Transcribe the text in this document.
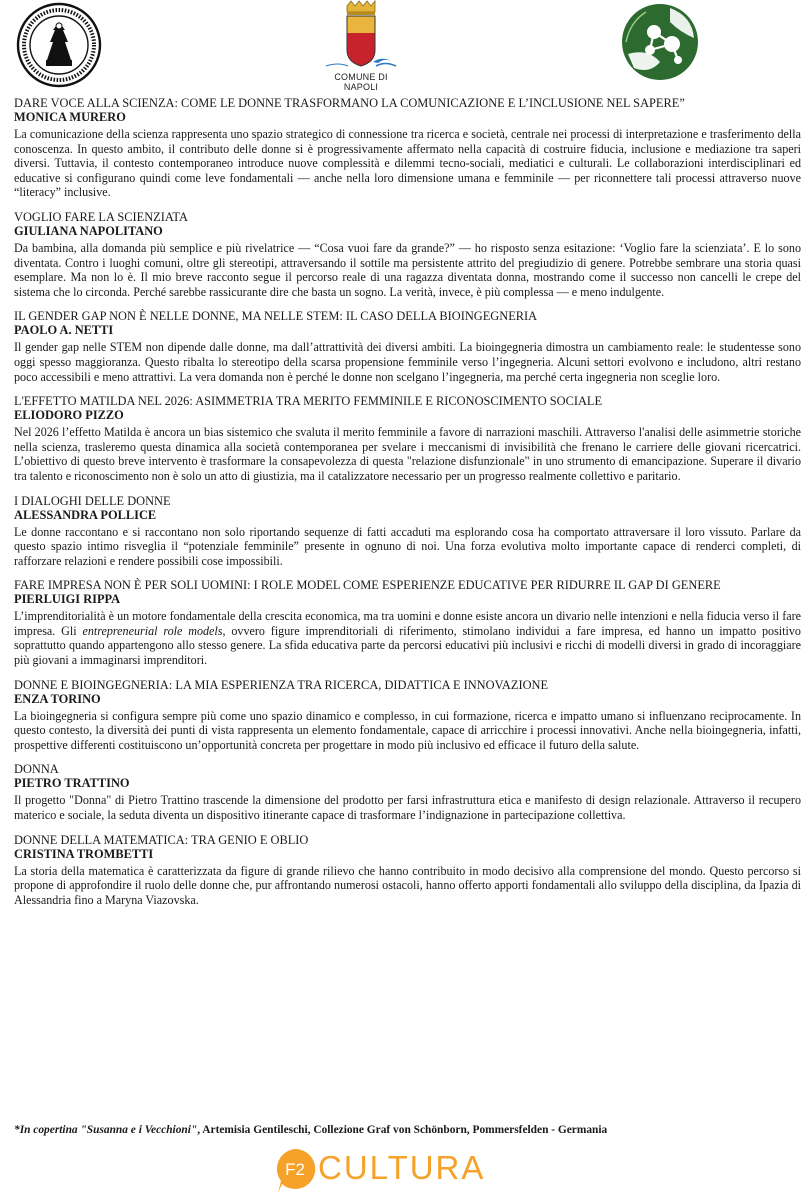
COMUNE DI NAPOLI

DARE VOCE ALLA SCIENZA: COME LE DONNE TRASFORMANO LA COMUNICAZIONE E L’INCLUSIONE NEL SAPERE”

MONICA MURERO

La comunicazione della scienza rappresenta uno spazio strategico di connessione tra ricerca e società, centrale nei processi di interpretazione e trasferimento della conoscenza. In questo ambito, il contributo delle donne si è progressivamente affermato nella capacità di costruire fiducia, inclusione e mediazione tra saperi diversi. Tuttavia, il contesto contemporaneo introduce nuove complessità e dilemmi tecno-sociali, mediatici e culturali. Le collaborazioni interdisciplinari ed educative si configurano quindi come leve fondamentali — anche nella loro dimensione umana e femminile — per riconnettere tali processi attraverso nuove “literacy” inclusive.

VOGLIO FARE LA SCIENZIATA

GIULIANA NAPOLITANO

Da bambina, alla domanda più semplice e più rivelatrice — “Cosa vuoi fare da grande?” — ho risposto senza esitazione: ‘Voglio fare la scienziata’. E lo sono diventata. Contro i luoghi comuni, oltre gli stereotipi, attraversando il sottile ma persistente attrito del pregiudizio di genere. Potrebbe sembrare una storia quasi esemplare. Ma non lo è. Il mio breve racconto segue il percorso reale di una ragazza diventata donna, mostrando come il successo non cancelli le crepe del sistema che lo circonda. Perché sarebbe rassicurante dire che basta un sogno. La verità, invece, è più complessa — e meno indulgente.

IL GENDER GAP NON È NELLE DONNE, MA NELLE STEM: IL CASO DELLA BIOINGEGNERIA

PAOLO A. NETTI

Il gender gap nelle STEM non dipende dalle donne, ma dall’attrattività dei diversi ambiti. La bioingegneria dimostra un cambiamento reale: le studentesse sono oggi spesso maggioranza. Questo ribalta lo stereotipo della scarsa propensione femminile verso l’ingegneria. Alcuni settori evolvono e includono, altri restano poco accessibili e meno attrattivi. La vera domanda non è perché le donne non scelgano l’ingegneria, ma perché certa ingegneria non sceglie loro.

L'EFFETTO MATILDA NEL 2026: ASIMMETRIA TRA MERITO FEMMINILE E RICONOSCIMENTO SOCIALE

ELIODORO PIZZO

Nel 2026 l’effetto Matilda è ancora un bias sistemico che svaluta il merito femminile a favore di narrazioni maschili. Attraverso l'analisi delle asimmetrie storiche nella scienza, trasleremo questa dinamica alla società contemporanea per svelare i meccanismi di invisibilità che frenano le carriere delle giovani ricercatrici. L’obiettivo di questo breve intervento è trasformare la consapevolezza di questa "relazione disfunzionale" in uno strumento di emancipazione. Superare il divario tra talento e riconoscimento non è solo un atto di giustizia, ma il catalizzatore necessario per un progresso realmente collettivo e paritario.

I DIALOGHI DELLE DONNE

ALESSANDRA POLLICE

Le donne raccontano e si raccontano non solo riportando sequenze di fatti accaduti ma esplorando cosa ha comportato attraversare il loro vissuto. Parlare da questo spazio intimo risveglia il “potenziale femminile” presente in ognuno di noi. Una forza evolutiva molto importante capace di renderci completi, di rafforzare relazioni e rendere possibili cose impossibili.

FARE IMPRESA NON È PER SOLI UOMINI: I ROLE MODEL COME ESPERIENZE EDUCATIVE PER RIDURRE IL GAP DI GENERE

PIERLUIGI RIPPA

L’imprenditorialità è un motore fondamentale della crescita economica, ma tra uomini e donne esiste ancora un divario nelle intenzioni e nella fiducia verso il fare impresa. Gli entrepreneurial role models, ovvero figure imprenditoriali di riferimento, stimolano individui a fare impresa, ed hanno un impatto positivo soprattutto quando appartengono allo stesso genere. La sfida educativa parte da percorsi educativi più inclusivi e ricchi di modelli diversi in grado di incoraggiare più giovani a immaginarsi imprenditori.

DONNE E BIOINGEGNERIA: LA MIA ESPERIENZA TRA RICERCA, DIDATTICA E INNOVAZIONE

ENZA TORINO

La bioingegneria si configura sempre più come uno spazio dinamico e complesso, in cui formazione, ricerca e impatto umano si influenzano reciprocamente. In questo contesto, la diversità dei punti di vista rappresenta un elemento fondamentale, capace di arricchire i processi innovativi. Anche nella bioingegneria, infatti, prospettive differenti costituiscono un’opportunità concreta per progettare in modo più inclusivo ed efficace il futuro della salute.

DONNA

PIETRO TRATTINO

Il progetto "Donna" di Pietro Trattino trascende la dimensione del prodotto per farsi infrastruttura etica e manifesto di design relazionale. Attraverso il recupero materico e sociale, la seduta diventa un dispositivo itinerante capace di trasformare l’indignazione in partecipazione collettiva.

DONNE DELLA MATEMATICA: TRA GENIO E OBLIO

CRISTINA TROMBETTI

La storia della matematica è caratterizzata da figure di grande rilievo che hanno contribuito in modo decisivo alla comprensione del mondo. Questo percorso si propone di approfondire il ruolo delle donne che, pur affrontando numerosi ostacoli, hanno offerto apporti fondamentali allo sviluppo della disciplina, da Ipazia di Alessandria fino a Maryna Viazovska.

*In copertina "Susanna e i Vecchioni", Artemisia Gentileschi, Collezione Graf von Schönborn, Pommersfelden - Germania
F2 CULTURA
